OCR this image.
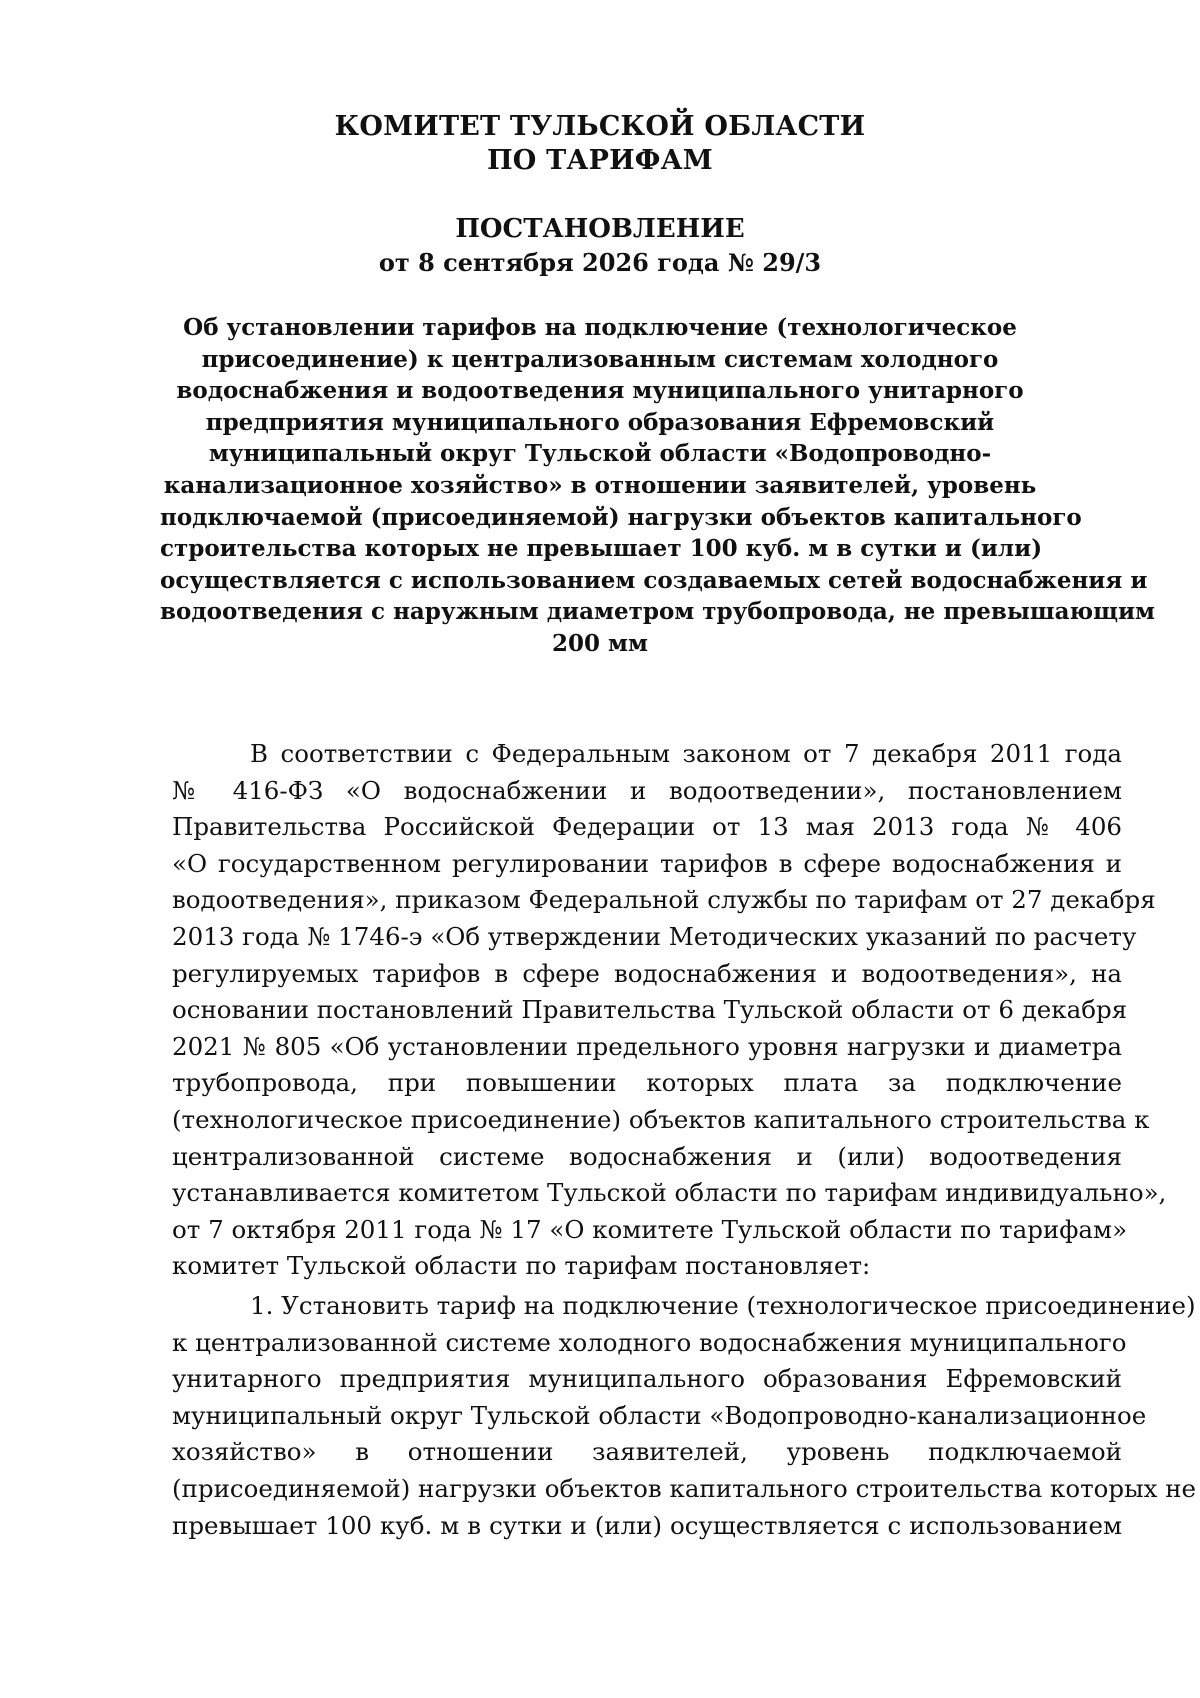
КОМИТЕТ ТУЛЬСКОЙ ОБЛАСТИ
ПО ТАРИФАМ
ПОСТАНОВЛЕНИЕ
от 8 сентября 2026 года № 29/3
Об установлении тарифов на подключение (технологическое
присоединение) к централизованным системам холодного
водоснабжения и водоотведения муниципального унитарного
предприятия муниципального образования Ефремовский
муниципальный округ Тульской области «Водопроводно-
канализационное хозяйство» в отношении заявителей, уровень
подключаемой (присоединяемой) нагрузки объектов капитального
строительства которых не превышает 100 куб. м в сутки и (или)
осуществляется с использованием создаваемых сетей водоснабжения и
водоотведения с наружным диаметром трубопровода, не превышающим
200 мм
В соответствии с Федеральным законом от 7 декабря 2011 года
№ 416-ФЗ «О водоснабжении и водоотведении», постановлением
Правительства Российской Федерации от 13 мая 2013 года № 406
«О государственном регулировании тарифов в сфере водоснабжения и
водоотведения», приказом Федеральной службы по тарифам от 27 декабря
2013 года № 1746-э «Об утверждении Методических указаний по расчету
регулируемых тарифов в сфере водоснабжения и водоотведения», на
основании постановлений Правительства Тульской области от 6 декабря
2021 № 805 «Об установлении предельного уровня нагрузки и диаметра
трубопровода, при повышении которых плата за подключение
(технологическое присоединение) объектов капитального строительства к
централизованной системе водоснабжения и (или) водоотведения
устанавливается комитетом Тульской области по тарифам индивидуально»,
от 7 октября 2011 года № 17 «О комитете Тульской области по тарифам»
комитет Тульской области по тарифам постановляет:
1. Установить тариф на подключение (технологическое присоединение)
к централизованной системе холодного водоснабжения муниципального
унитарного предприятия муниципального образования Ефремовский
муниципальный округ Тульской области «Водопроводно-канализационное
хозяйство» в отношении заявителей, уровень подключаемой
(присоединяемой) нагрузки объектов капитального строительства которых не
превышает 100 куб. м в сутки и (или) осуществляется с использованием
